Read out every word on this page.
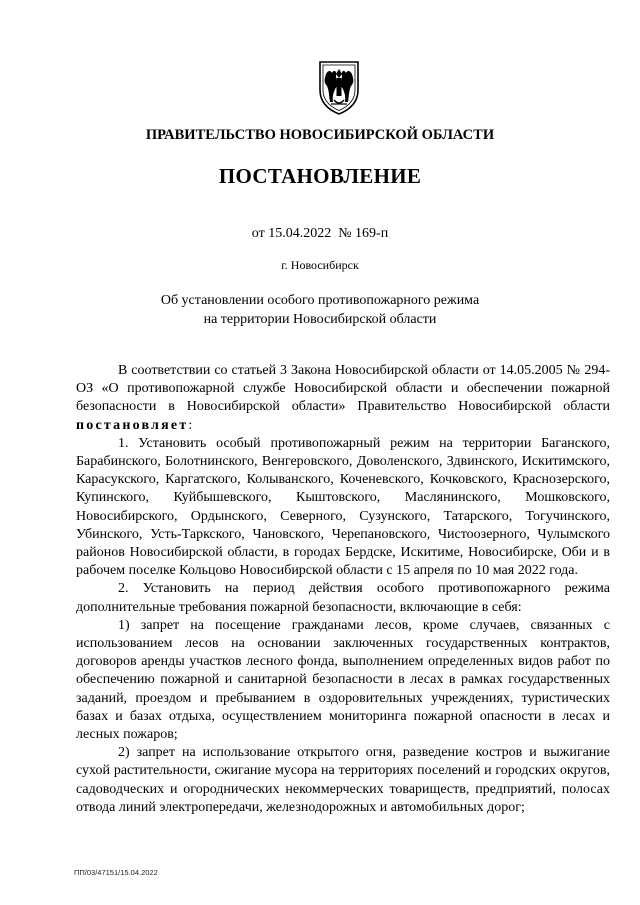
ПРАВИТЕЛЬСТВО НОВОСИБИРСКОЙ ОБЛАСТИ
ПОСТАНОВЛЕНИЕ
от 15.04.2022  № 169-п
г. Новосибирск
Об установлении особого противопожарного режима
на территории Новосибирской области

В соответствии со статьей 3 Закона Новосибирской области от 14.05.2005 № 294-ОЗ «О противопожарной службе Новосибирской области и обеспечении пожарной безопасности в Новосибирской области» Правительство Новосибирской области постановляет:

1. Установить особый противопожарный режим на территории Баганского, Барабинского, Болотнинского, Венгеровского, Доволенского, Здвинского, Искитимского, Карасукского, Каргатского, Колыванского, Коченевского, Кочковского, Краснозерского, Купинского, Куйбышевского, Кыштовского, Маслянинского, Мошковского, Новосибирского, Ордынского, Северного, Сузунского, Татарского, Тогучинского, Убинского, Усть-Таркского, Чановского, Черепановского, Чистоозерного, Чулымского районов Новосибирской области, в городах Бердске, Искитиме, Новосибирске, Оби и в рабочем поселке Кольцово Новосибирской области с 15 апреля по 10 мая 2022 года.

2. Установить на период действия особого противопожарного режима дополнительные требования пожарной безопасности, включающие в себя:

1) запрет на посещение гражданами лесов, кроме случаев, связанных с использованием лесов на основании заключенных государственных контрактов, договоров аренды участков лесного фонда, выполнением определенных видов работ по обеспечению пожарной и санитарной безопасности в лесах в рамках государственных заданий, проездом и пребыванием в оздоровительных учреждениях, туристических базах и базах отдыха, осуществлением мониторинга пожарной опасности в лесах и лесных пожаров;

2) запрет на использование открытого огня, разведение костров и выжигание сухой растительности, сжигание мусора на территориях поселений и городских округов, садоводческих и огороднических некоммерческих товариществ, предприятий, полосах отвода линий электропередачи, железнодорожных и автомобильных дорог;

ПП/03/47151/15.04.2022
